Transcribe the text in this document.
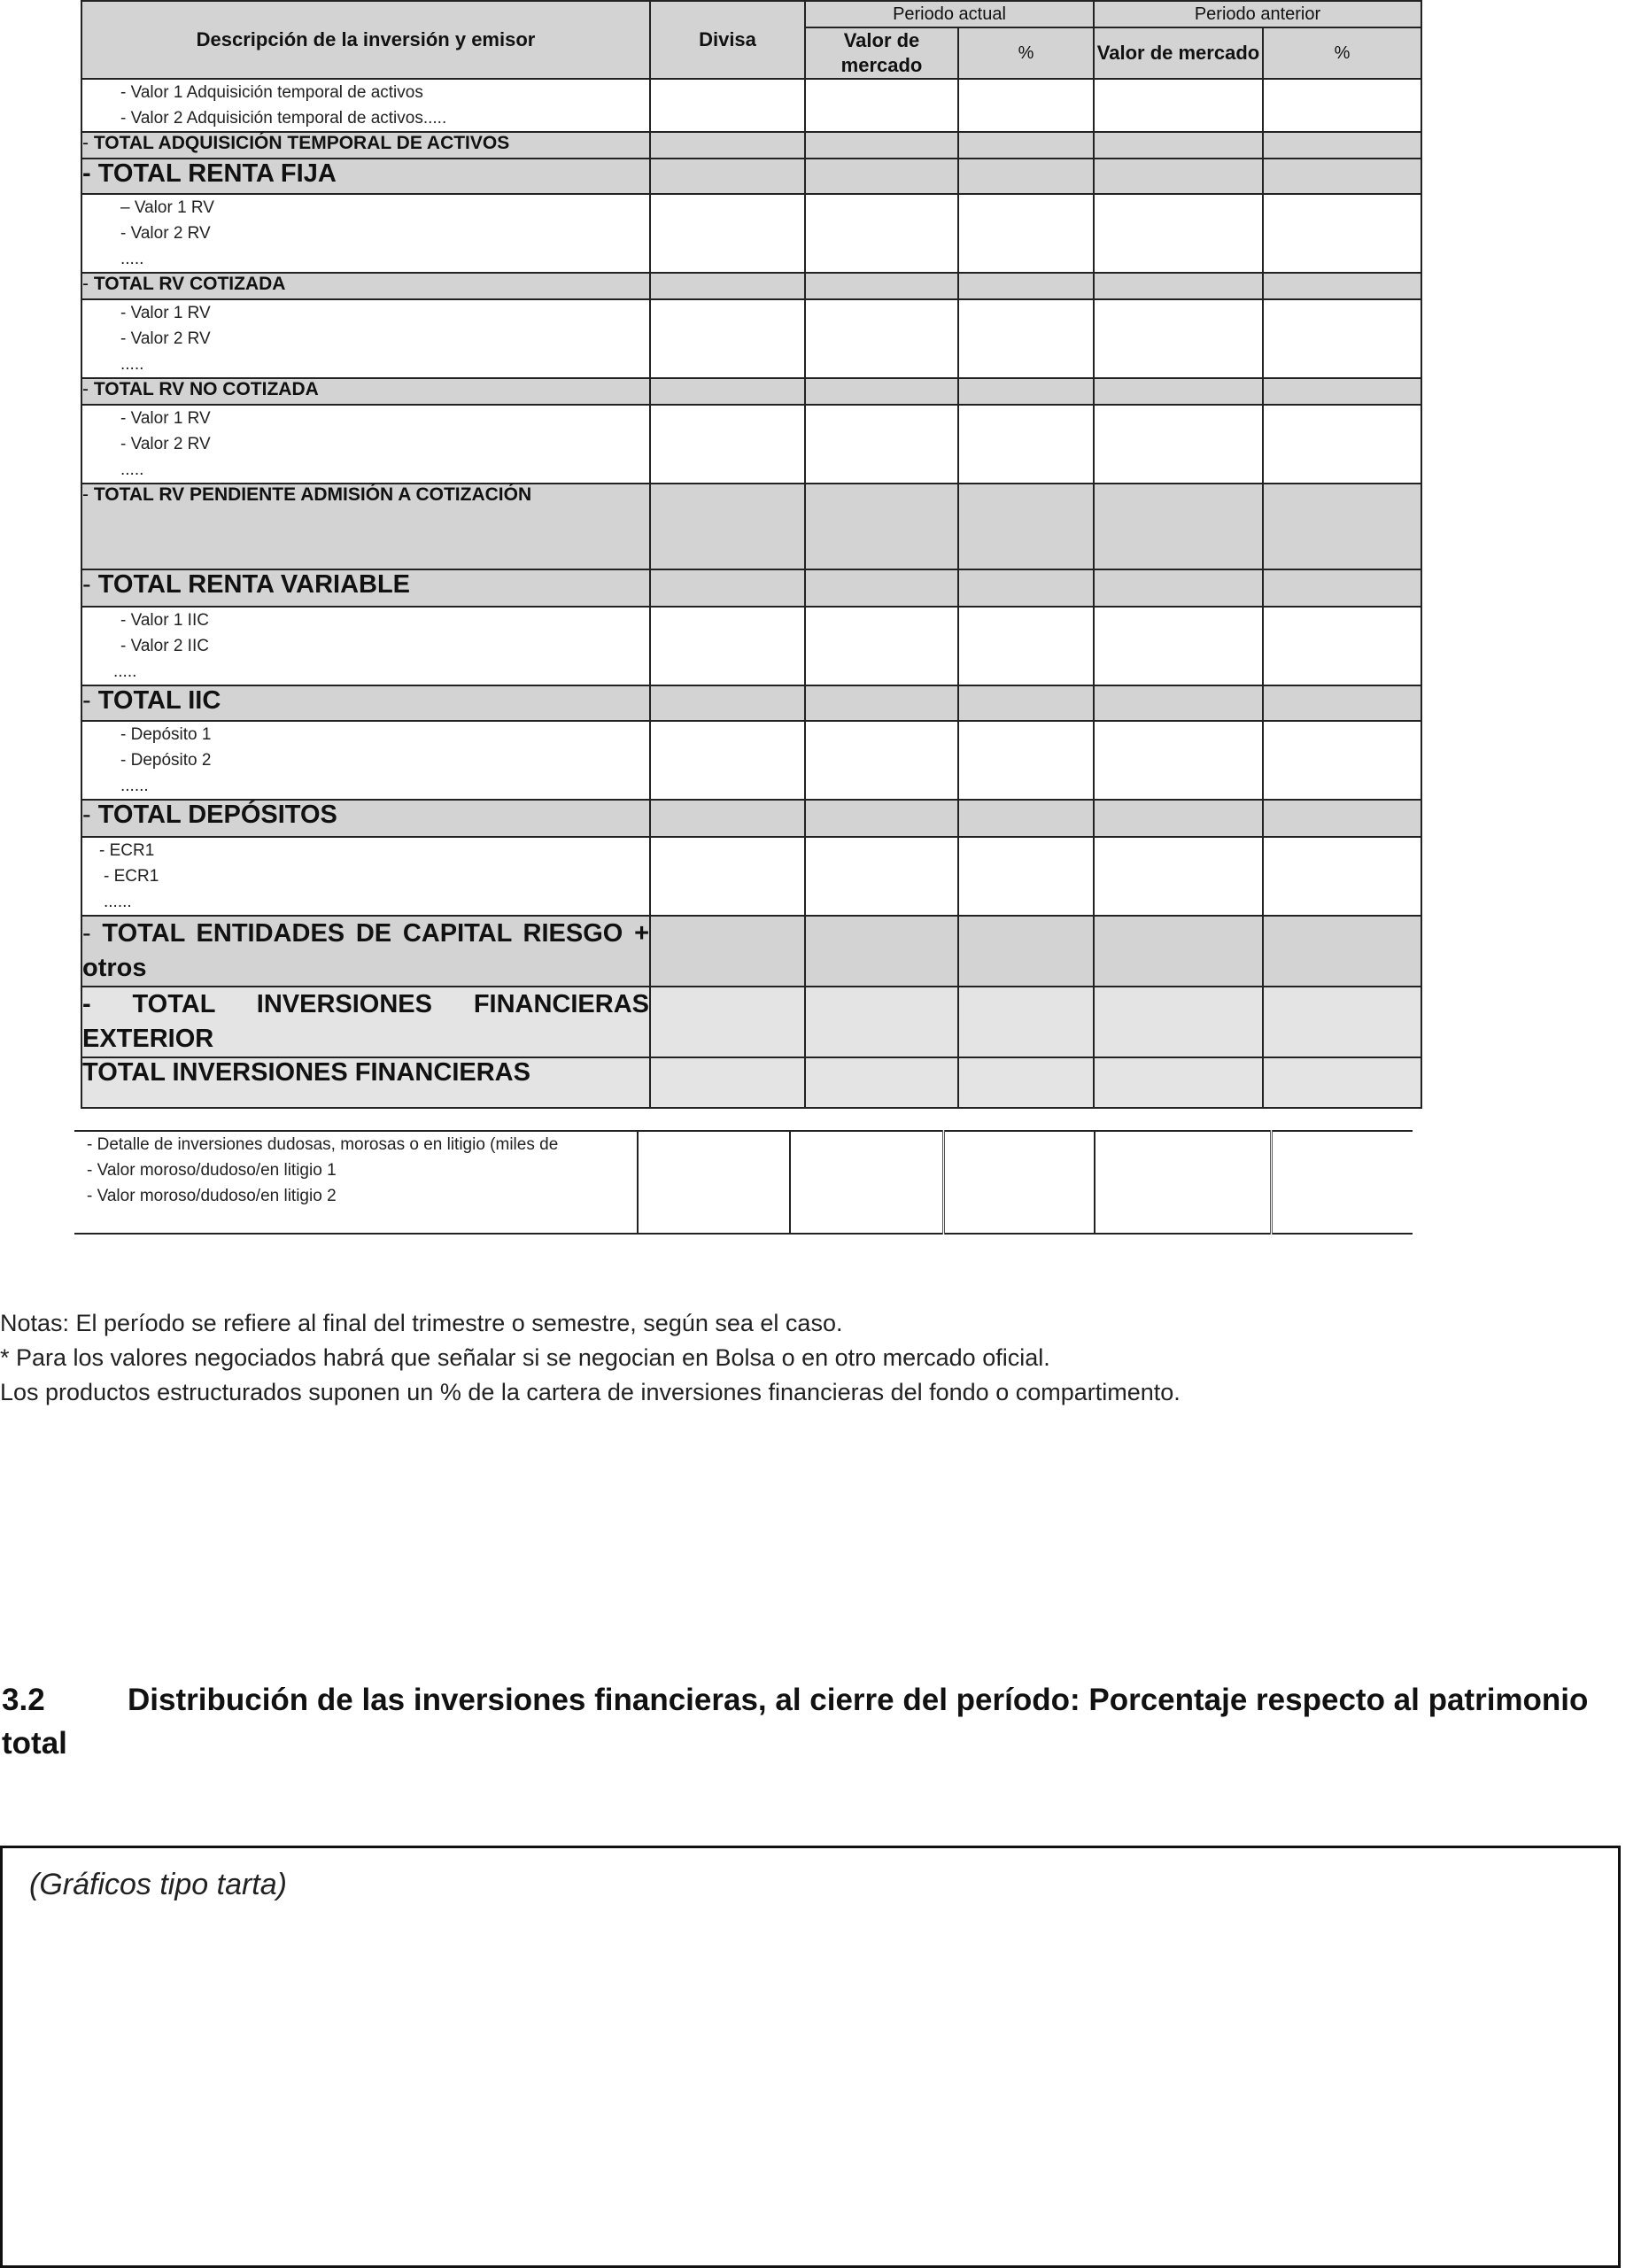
Descripción de la inversión y emisor	Divisa	Periodo actual		Periodo anterior	
		Valor de mercado	%	Valor de mercado	%

- Valor 1 Adquisición temporal de activos
- Valor 2 Adquisición temporal de activos.....					

- TOTAL ADQUISICIÓN TEMPORAL DE ACTIVOS					
- TOTAL RENTA FIJA					

– Valor 1 RV
- Valor 2 RV
.....					

- TOTAL RV COTIZADA					

- Valor 1 RV
- Valor 2 RV
.....					

- TOTAL RV NO COTIZADA					

- Valor 1 RV
- Valor 2 RV
.....					

- TOTAL RV PENDIENTE ADMISIÓN A COTIZACIÓN					
- TOTAL RENTA VARIABLE					

- Valor 1 IIC
- Valor 2 IIC
.....					

- TOTAL IIC					

- Depósito 1
- Depósito 2
......					

- TOTAL DEPÓSITOS					

- ECR1
- ECR1
......					

- TOTAL ENTIDADES DE CAPITAL RIESGO + otros					
- TOTAL INVERSIONES FINANCIERAS EXTERIOR					
TOTAL INVERSIONES FINANCIERAS					
- Detalle de inversiones dudosas, morosas o en litigio (miles de
- Valor moroso/dudoso/en litigio 1
- Valor moroso/dudoso/en litigio 2

Notas: El período se refiere al final del trimestre o semestre, según sea el caso.
* Para los valores negociados habrá que señalar si se negocian en Bolsa o en otro mercado oficial.
Los productos estructurados suponen un % de la cartera de inversiones financieras del fondo o compartimento.
3.2	Distribución de las inversiones financieras, al cierre del período: Porcentaje respecto al patrimonio total
(Gráficos tipo tarta)
